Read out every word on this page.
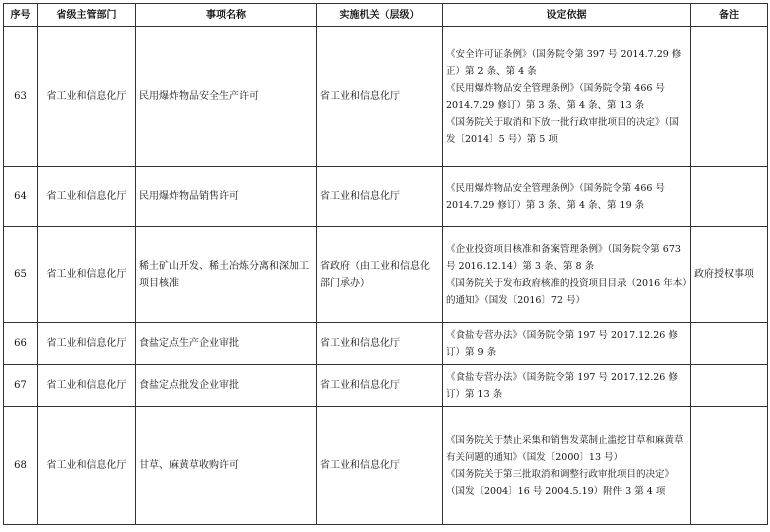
序号	省级主管部门	事项名称	实施机关（层级）	设定依据	备注
63	省工业和信息化厅	民用爆炸物品安全生产许可	省工业和信息化厅	《安全许可证条例》（国务院令第 397 号 2014.7.29 修正）第 2 条、第 4 条
《民用爆炸物品安全管理条例》（国务院令第 466 号 2014.7.29 修订）第 3 条、第 4 条、第 13 条
《国务院关于取消和下放一批行政审批项目的决定》（国发〔2014〕5 号）第 5 项	

64	省工业和信息化厅	民用爆炸物品销售许可	省工业和信息化厅	《民用爆炸物品安全管理条例》（国务院令第 466 号 2014.7.29 修订）第 3 条、第 4 条、第 19 条	

65	省工业和信息化厅	稀土矿山开发、稀土冶炼分离和深加工项目核准	省政府（由工业和信息化部门承办）	《企业投资项目核准和备案管理条例》（国务院令第 673 号 2016.12.14）第 3 条、第 8 条
《国务院关于发布政府核准的投资项目目录（2016 年本）的通知》（国发〔2016〕72 号）	政府授权事项
66	省工业和信息化厅	食盐定点生产企业审批	省工业和信息化厅	《食盐专营办法》（国务院令第 197 号 2017.12.26 修订）第 9 条	

67	省工业和信息化厅	食盐定点批发企业审批	省工业和信息化厅	《食盐专营办法》（国务院令第 197 号 2017.12.26 修订）第 13 条	

68	省工业和信息化厅	甘草、麻黄草收购许可	省工业和信息化厅	《国务院关于禁止采集和销售发菜制止滥挖甘草和麻黄草有关问题的通知》（国发〔2000〕13 号）
《国务院关于第三批取消和调整行政审批项目的决定》（国发〔2004〕16 号 2004.5.19）附件 3 第 4 项	
